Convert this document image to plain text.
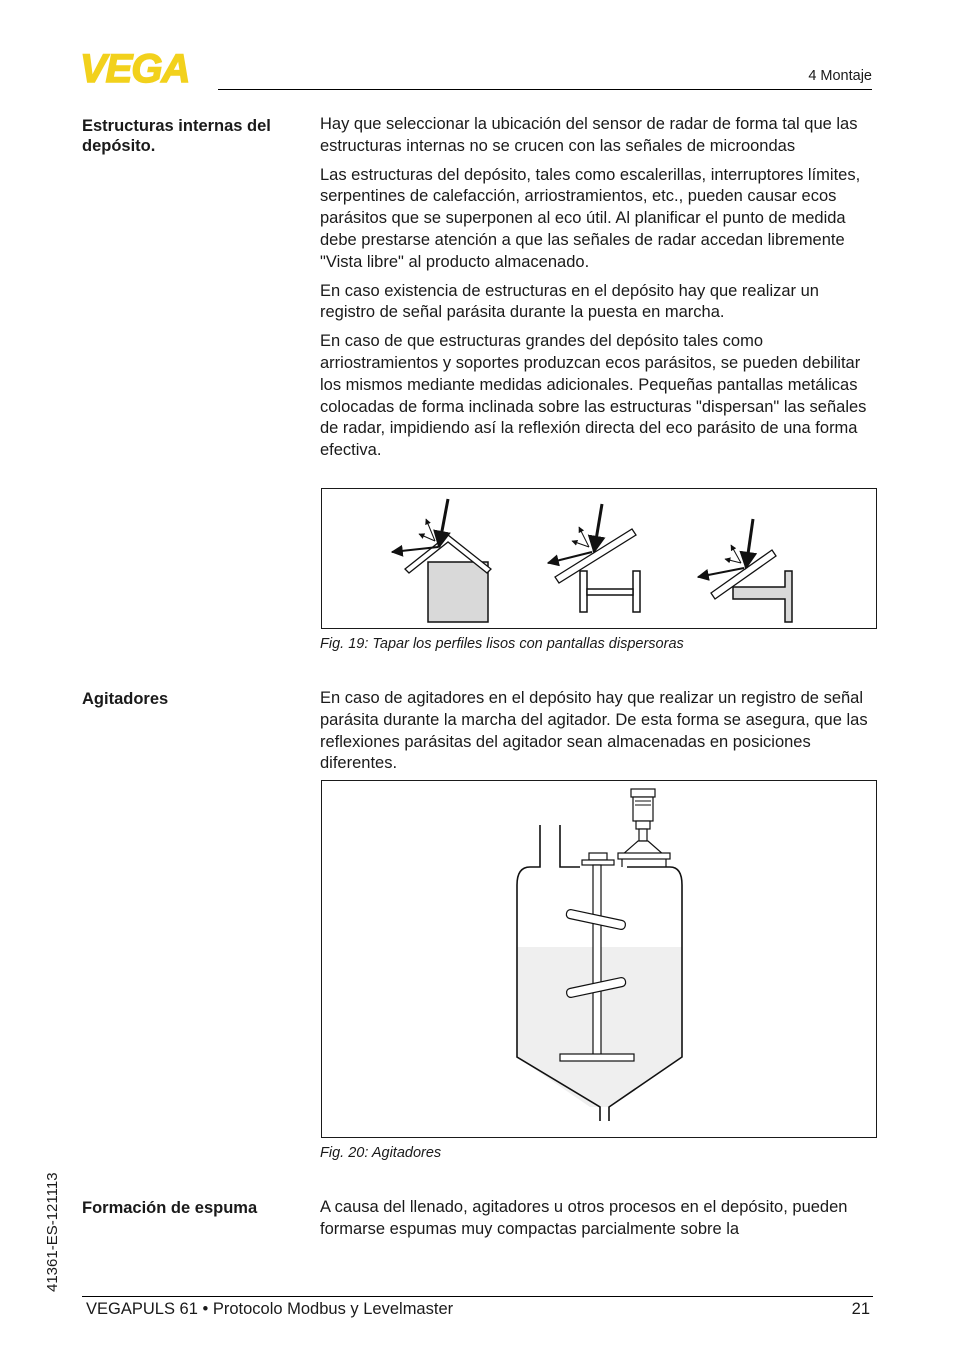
VEGA	4 Montaje
Estructuras internas del depósito.

Hay que seleccionar la ubicación del sensor de radar de forma tal que las estructuras internas no se crucen con las señales de microondas

Las estructuras del depósito, tales como escalerillas, interruptores límites, serpentines de calefacción, arriostramientos, etc., pueden causar ecos parásitos que se superponen al eco útil. Al planificar el punto de medida debe prestarse atención a que las señales de radar accedan libremente "Vista libre" al producto almacenado.

En caso existencia de estructuras en el depósito hay que realizar un registro de señal parásita durante la puesta en marcha.

En caso de que estructuras grandes del depósito tales como arriostramientos y soportes produzcan ecos parásitos, se pueden debilitar los mismos mediante medidas adicionales. Pequeñas pantallas metálicas colocadas de forma inclinada sobre las estructuras "dispersan" las señales de radar, impidiendo así la reflexión directa del eco parásito de una forma efectiva.

Fig. 19: Tapar los perfiles lisos con pantallas dispersoras
Agitadores	En caso de agitadores en el depósito hay que realizar un registro de señal parásita durante la marcha del agitador. De esta forma se asegura, que las reflexiones parásitas del agitador sean almacenadas en posiciones diferentes.

Fig. 20: Agitadores
Formación de espuma	A causa del llenado, agitadores u otros procesos en el depósito, pueden formarse espumas muy compactas parcialmente sobre la

41361-ES-121113
VEGAPULS 61 • Protocolo Modbus y Levelmaster	21
